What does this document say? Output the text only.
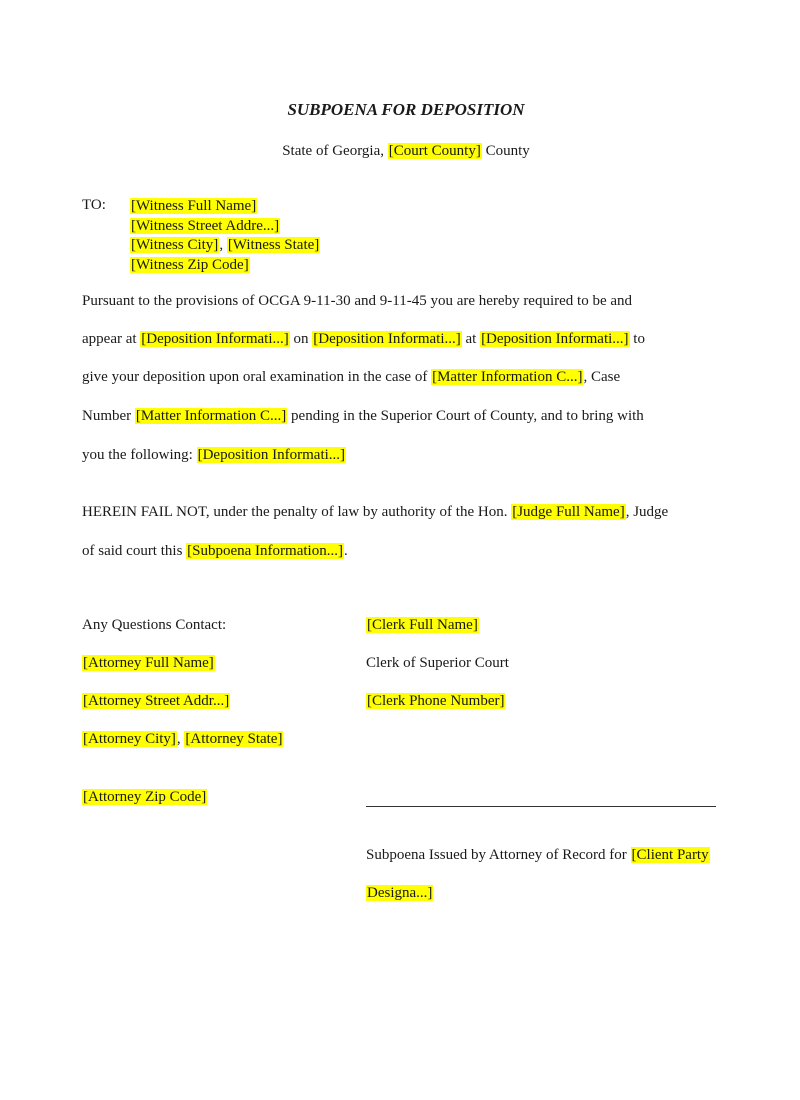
SUBPOENA FOR DEPOSITION
State of Georgia, [Court County] County
TO: [Witness Full Name]
[Witness Street Addre...]
[Witness City], [Witness State]
[Witness Zip Code]
Pursuant to the provisions of OCGA 9-11-30 and 9-11-45 you are hereby required to be and
appear at [Deposition Informati...] on [Deposition Informati...] at [Deposition Informati...] to
give your deposition upon oral examination in the case of [Matter Information C...], Case
Number [Matter Information C...] pending in the Superior Court of County, and to bring with
you the following: [Deposition Informati...]
HEREIN FAIL NOT, under the penalty of law by authority of the Hon. [Judge Full Name], Judge
of said court this [Subpoena Information...].
Any Questions Contact:
[Attorney Full Name]
[Attorney Street Addr...]
[Attorney City], [Attorney State]
[Attorney Zip Code]
[Clerk Full Name]
Clerk of Superior Court
[Clerk Phone Number]
Subpoena Issued by Attorney of Record for [Client Party
Designa...]
